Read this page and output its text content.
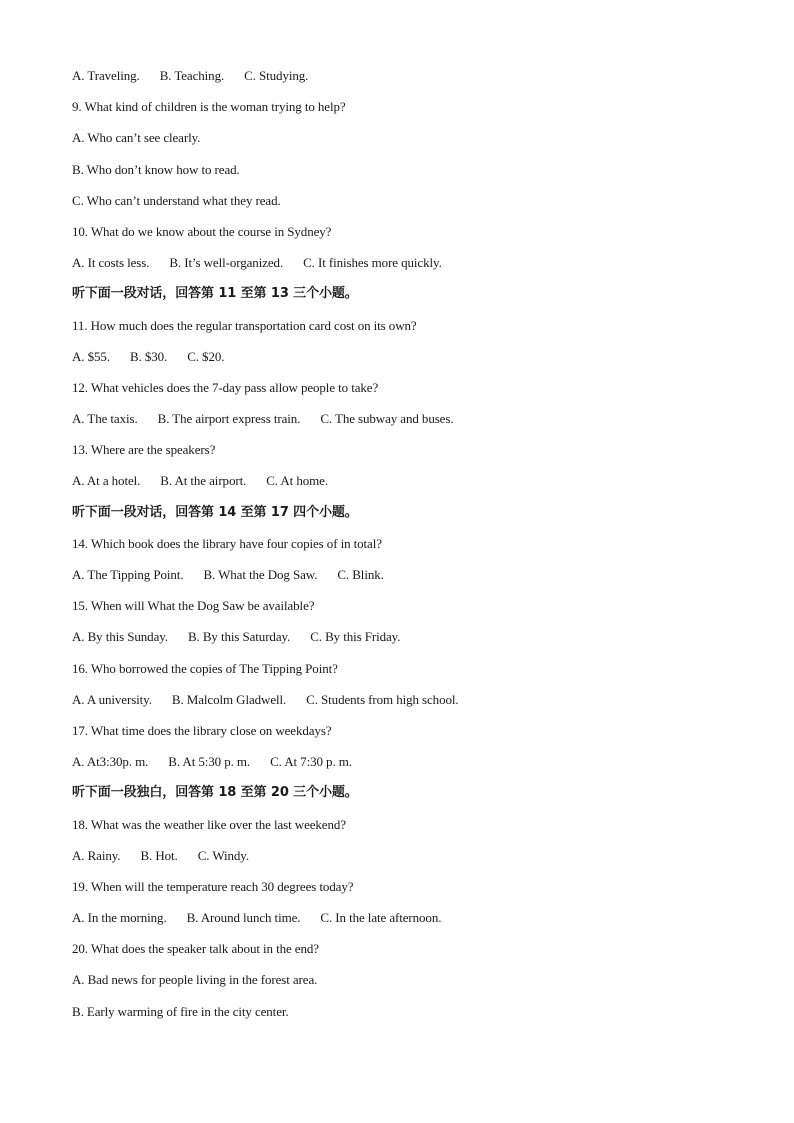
A. Traveling. B. Teaching. C. Studying.
9. What kind of children is the woman trying to help?
A. Who can’t see clearly.
B. Who don’t know how to read.
C. Who can’t understand what they read.
10. What do we know about the course in Sydney?
A. It costs less. B. It’s well-organized. C. It finishes more quickly.
听下面一段对话，回答第 11 至第 13 三个小题。
11. How much does the regular transportation card cost on its own?
A. $55. B. $30. C. $20.
12. What vehicles does the 7-day pass allow people to take?
A. The taxis. B. The airport express train. C. The subway and buses.
13. Where are the speakers?
A. At a hotel. B. At the airport. C. At home.
听下面一段对话，回答第 14 至第 17 四个小题。
14. Which book does the library have four copies of in total?
A. The Tipping Point. B. What the Dog Saw. C. Blink.
15. When will What the Dog Saw be available?
A. By this Sunday. B. By this Saturday. C. By this Friday.
16. Who borrowed the copies of The Tipping Point?
A. A university. B. Malcolm Gladwell. C. Students from high school.
17. What time does the library close on weekdays?
A. At3:30p. m. B. At 5:30 p. m. C. At 7:30 p. m.
听下面一段独白，回答第 18 至第 20 三个小题。
18. What was the weather like over the last weekend?
A. Rainy. B. Hot. C. Windy.
19. When will the temperature reach 30 degrees today?
A. In the morning. B. Around lunch time. C. In the late afternoon.
20. What does the speaker talk about in the end?
A. Bad news for people living in the forest area.
B. Early warming of fire in the city center.
